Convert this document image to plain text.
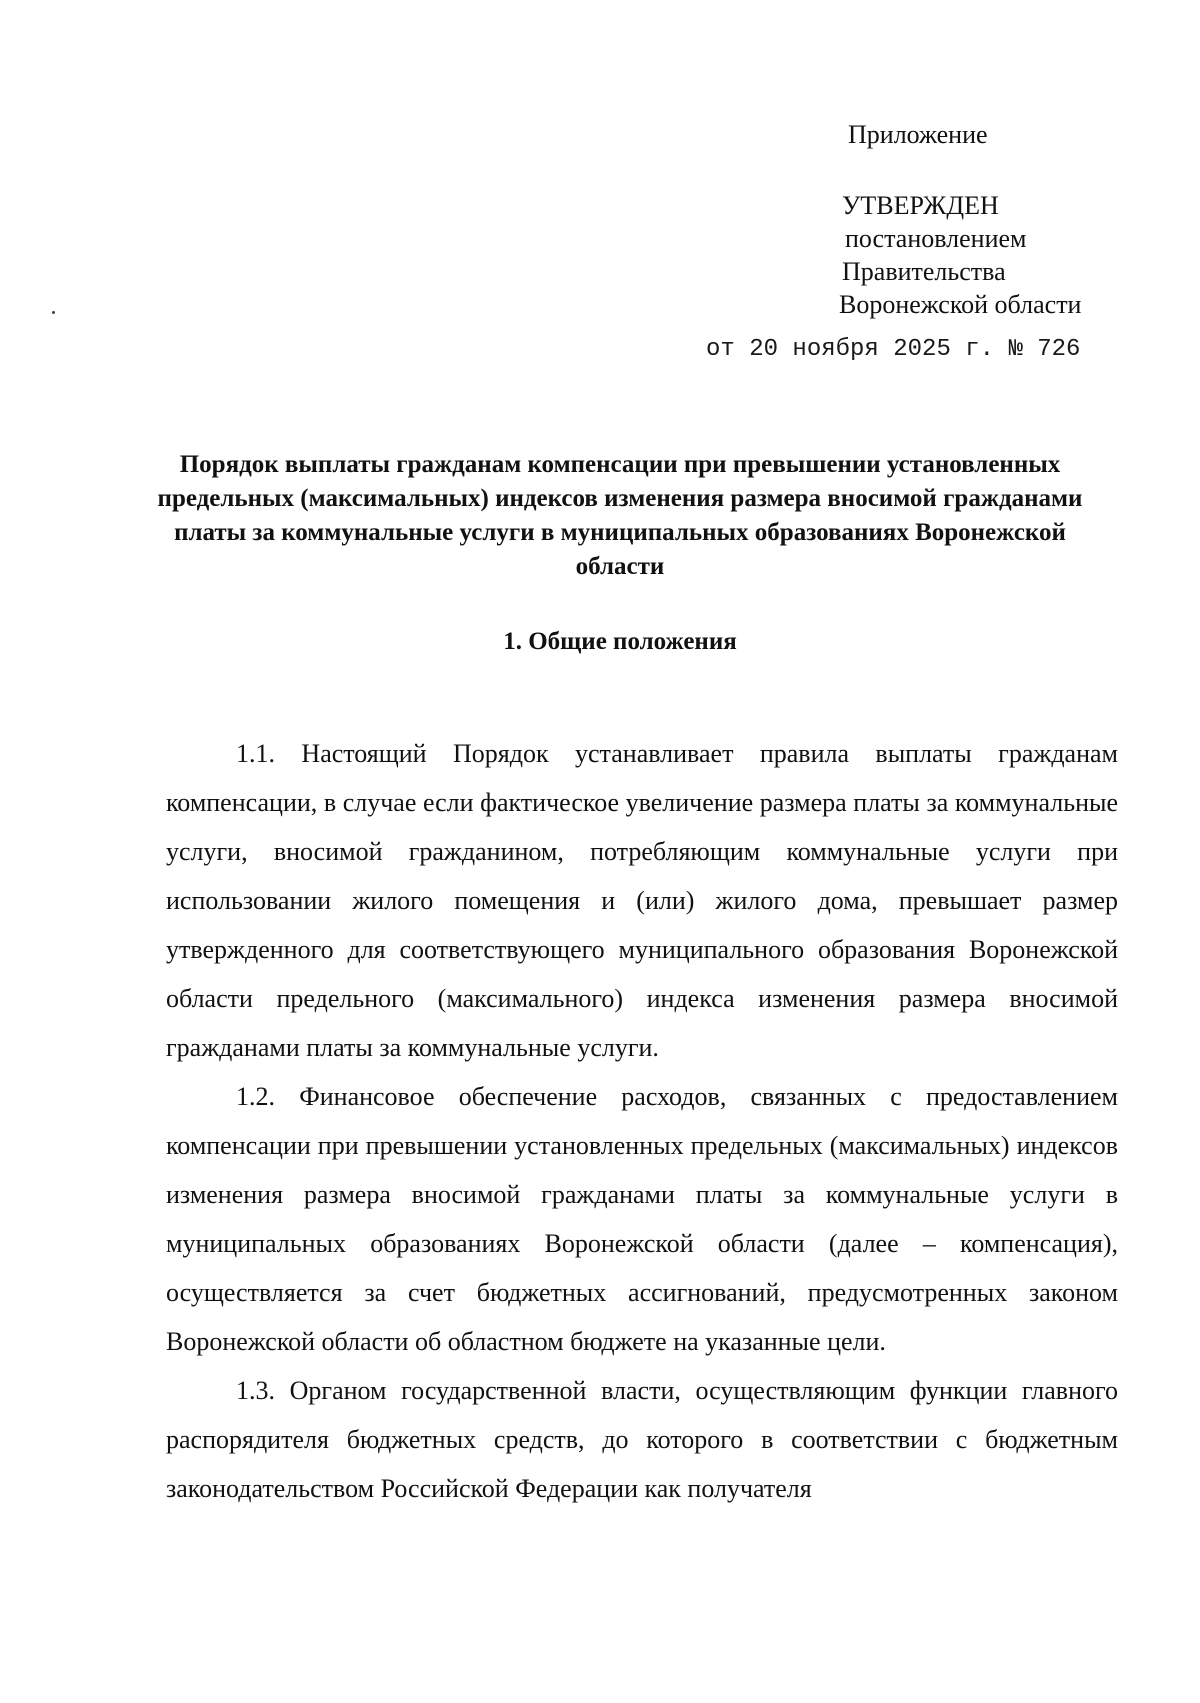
Приложение
УТВЕРЖДЕН
постановлением
Правительства
Воронежской области
от 20 ноября 2025 г. № 726
Порядок выплаты гражданам компенсации при превышении установленных предельных (максимальных) индексов изменения размера вносимой гражданами платы за коммунальные услуги в муниципальных образованиях Воронежской области
1. Общие положения

1.1. Настоящий Порядок устанавливает правила выплаты гражданам компенсации, в случае если фактическое увеличение размера платы за коммунальные услуги, вносимой гражданином, потребляющим коммунальные услуги при использовании жилого помещения и (или) жилого дома, превышает размер утвержденного для соответствующего муниципального образования Воронежской области предельного (максимального) индекса изменения размера вносимой гражданами платы за коммунальные услуги.

1.2. Финансовое обеспечение расходов, связанных с предоставлением компенсации при превышении установленных предельных (максимальных) индексов изменения размера вносимой гражданами платы за коммунальные услуги в муниципальных образованиях Воронежской области (далее – компенсация), осуществляется за счет бюджетных ассигнований, предусмотренных законом Воронежской области об областном бюджете на указанные цели.

1.3. Органом государственной власти, осуществляющим функции главного распорядителя бюджетных средств, до которого в соответствии с бюджетным законодательством Российской Федерации как получателя
